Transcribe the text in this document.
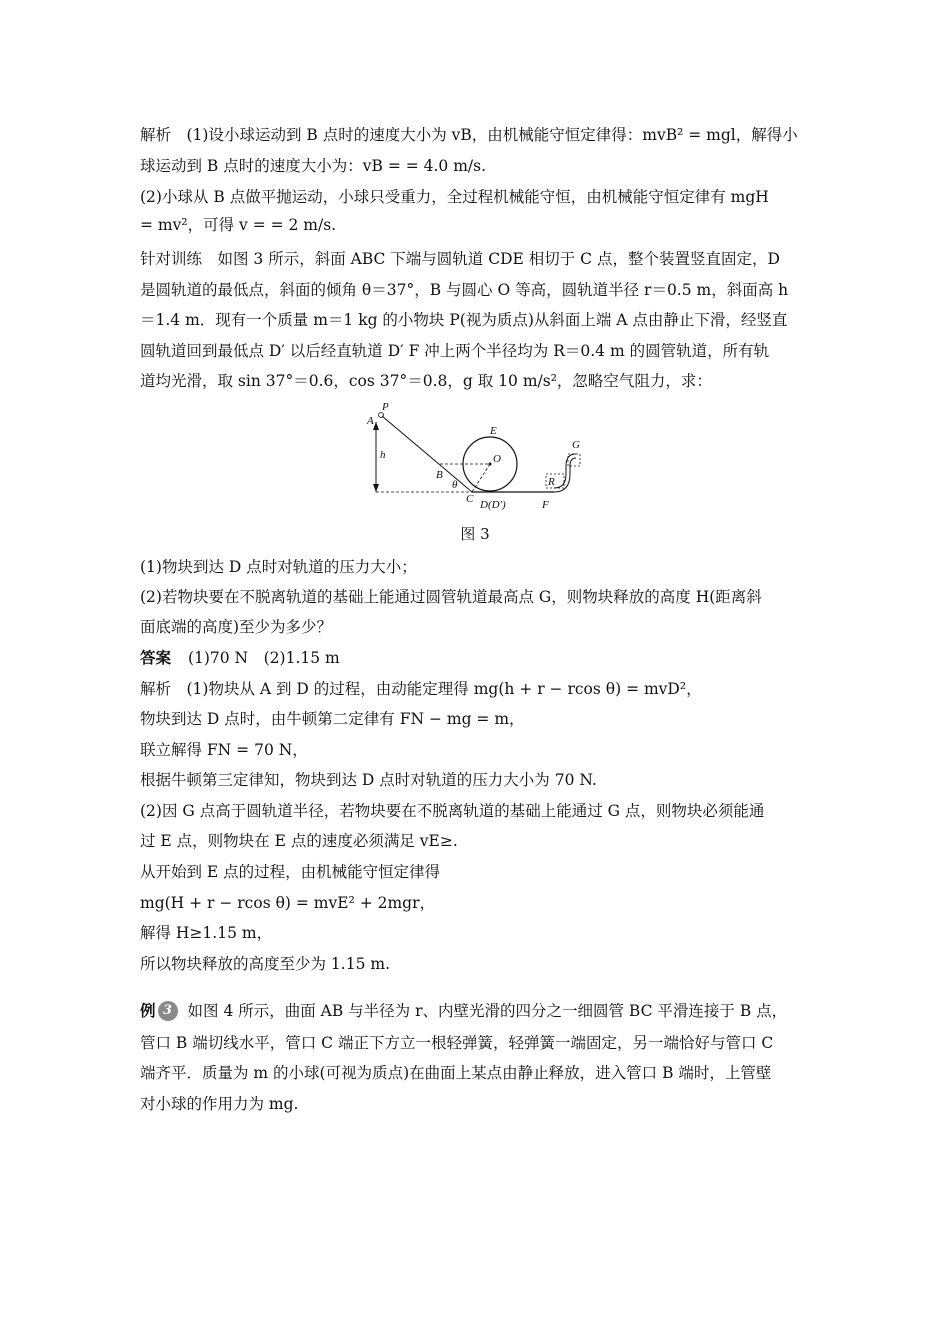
解析　(1)设小球运动到 B 点时的速度大小为 vB，由机械能守恒定律得：mvB² = mgl，解得小
球运动到 B 点时的速度大小为：vB = = 4.0 m/s.
(2)小球从 B 点做平抛运动，小球只受重力，全过程机械能守恒，由机械能守恒定律有 mgH
= mv²，可得 v = = 2 m/s.
针对训练　如图 3 所示，斜面 ABC 下端与圆轨道 CDE 相切于 C 点，整个装置竖直固定，D
是圆轨道的最低点，斜面的倾角 θ＝37°，B 与圆心 O 等高，圆轨道半径 r＝0.5 m，斜面高 h
＝1.4 m．现有一个质量 m＝1 kg 的小物块 P(视为质点)从斜面上端 A 点由静止下滑，经竖直
圆轨道回到最低点 D′ 以后经直轨道 D′ F 冲上两个半径均为 R＝0.4 m 的圆管轨道，所有轨
道均光滑，取 sin 37°＝0.6，cos 37°＝0.8，g 取 10 m/s²，忽略空气阻力，求：
P
A
h
E
O
B
θ
C D(D′)
R
G
F
图 3
(1)物块到达 D 点时对轨道的压力大小；
(2)若物块要在不脱离轨道的基础上能通过圆管轨道最高点 G，则物块释放的高度 H(距离斜
面底端的高度)至少为多少？
答案 (1)70 N　(2)1.15 m
解析　(1)物块从 A 到 D 的过程，由动能定理得 mg(h + r − rcos θ) = mvD²，
物块到达 D 点时，由牛顿第二定律有 FN − mg = m，
联立解得 FN = 70 N，
根据牛顿第三定律知，物块到达 D 点时对轨道的压力大小为 70 N.
(2)因 G 点高于圆轨道半径，若物块要在不脱离轨道的基础上能通过 G 点，则物块必须能通
过 E 点，则物块在 E 点的速度必须满足 vE≥.
从开始到 E 点的过程，由机械能守恒定律得
mg(H + r − rcos θ) = mvE² + 2mgr，
解得 H≥1.15 m，
所以物块释放的高度至少为 1.15 m.
例 3 如图 4 所示，曲面 AB 与半径为 r、内壁光滑的四分之一细圆管 BC 平滑连接于 B 点，
管口 B 端切线水平，管口 C 端正下方立一根轻弹簧，轻弹簧一端固定，另一端恰好与管口 C
端齐平．质量为 m 的小球(可视为质点)在曲面上某点由静止释放，进入管口 B 端时，上管壁
对小球的作用力为 mg.
